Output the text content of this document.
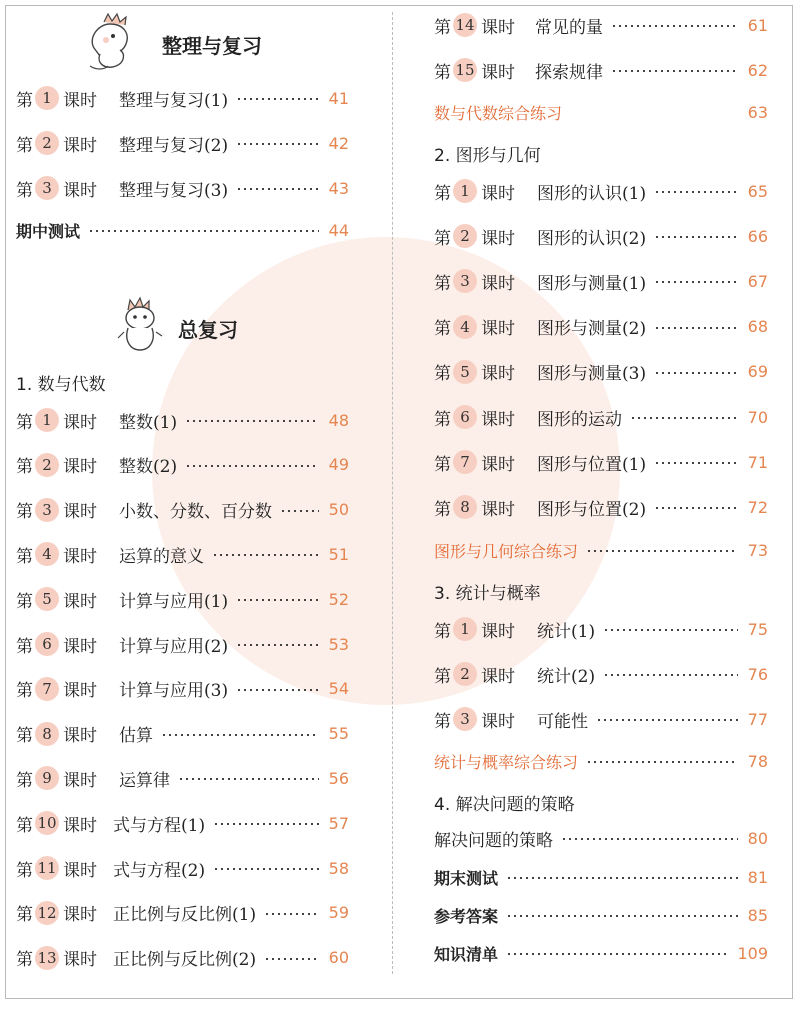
整理与复习
第 1 课时 整理与复习(1)	41
第 2 课时 整理与复习(2)	42
第 3 课时 整理与复习(3)	43
期中测试	44
总复习
1. 数与代数
第 1 课时 整数(1)	48
第 2 课时 整数(2)	49
第 3 课时 小数、分数、百分数	50
第 4 课时 运算的意义	51
第 5 课时 计算与应用(1)	52
第 6 课时 计算与应用(2)	53
第 7 课时 计算与应用(3)	54
第 8 课时 估算	55
第 9 课时 运算律	56
第 10 课时 式与方程(1)	57
第 11 课时 式与方程(2)	58
第 12 课时 正比例与反比例(1)	59
第 13 课时 正比例与反比例(2)	60
第 14 课时 常见的量	61
第 15 课时 探索规律	62
数与代数综合练习	63
2. 图形与几何
第 1 课时 图形的认识(1)	65
第 2 课时 图形的认识(2)	66
第 3 课时 图形与测量(1)	67
第 4 课时 图形与测量(2)	68
第 5 课时 图形与测量(3)	69
第 6 课时 图形的运动	70
第 7 课时 图形与位置(1)	71
第 8 课时 图形与位置(2)	72
图形与几何综合练习	73
3. 统计与概率
第 1 课时 统计(1)	75
第 2 课时 统计(2)	76
第 3 课时 可能性	77
统计与概率综合练习	78
4. 解决问题的策略
解决问题的策略	80
期末测试	81
参考答案	85
知识清单	109
